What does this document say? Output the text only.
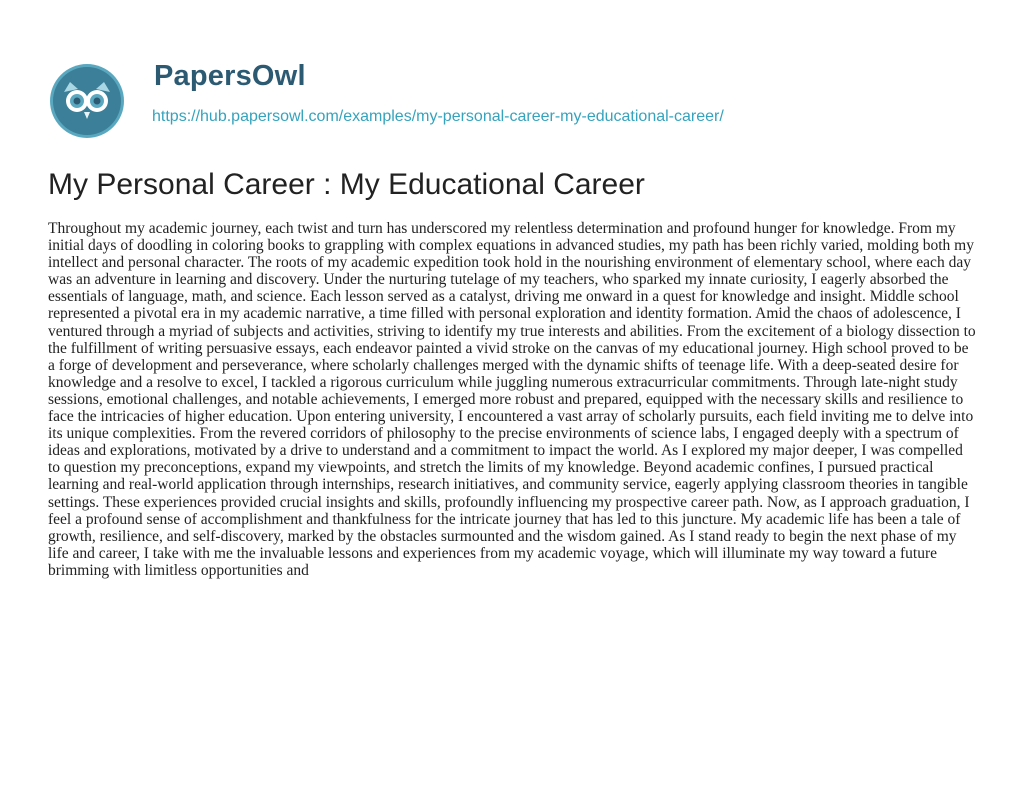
PapersOwl
https://hub.papersowl.com/examples/my-personal-career-my-educational-career/
My Personal Career : My Educational Career

Throughout my academic journey, each twist and turn has underscored my relentless determination and profound hunger for knowledge. From my initial days of doodling in coloring books to grappling with complex equations in advanced studies, my path has been richly varied, molding both my intellect and personal character. The roots of my academic expedition took hold in the nourishing environment of elementary school, where each day was an adventure in learning and discovery. Under the nurturing tutelage of my teachers, who sparked my innate curiosity, I eagerly absorbed the essentials of language, math, and science. Each lesson served as a catalyst, driving me onward in a quest for knowledge and insight. Middle school represented a pivotal era in my academic narrative, a time filled with personal exploration and identity formation. Amid the chaos of adolescence, I ventured through a myriad of subjects and activities, striving to identify my true interests and abilities. From the excitement of a biology dissection to the fulfillment of writing persuasive essays, each endeavor painted a vivid stroke on the canvas of my educational journey. High school proved to be a forge of development and perseverance, where scholarly challenges merged with the dynamic shifts of teenage life. With a deep-seated desire for knowledge and a resolve to excel, I tackled a rigorous curriculum while juggling numerous extracurricular commitments. Through late-night study sessions, emotional challenges, and notable achievements, I emerged more robust and prepared, equipped with the necessary skills and resilience to face the intricacies of higher education. Upon entering university, I encountered a vast array of scholarly pursuits, each field inviting me to delve into its unique complexities. From the revered corridors of philosophy to the precise environments of science labs, I engaged deeply with a spectrum of ideas and explorations, motivated by a drive to understand and a commitment to impact the world. As I explored my major deeper, I was compelled to question my preconceptions, expand my viewpoints, and stretch the limits of my knowledge. Beyond academic confines, I pursued practical learning and real-world application through internships, research initiatives, and community service, eagerly applying classroom theories in tangible settings. These experiences provided crucial insights and skills, profoundly influencing my prospective career path. Now, as I approach graduation, I feel a profound sense of accomplishment and thankfulness for the intricate journey that has led to this juncture. My academic life has been a tale of growth, resilience, and self-discovery, marked by the obstacles surmounted and the wisdom gained. As I stand ready to begin the next phase of my life and career, I take with me the invaluable lessons and experiences from my academic voyage, which will illuminate my way toward a future brimming with limitless opportunities and
